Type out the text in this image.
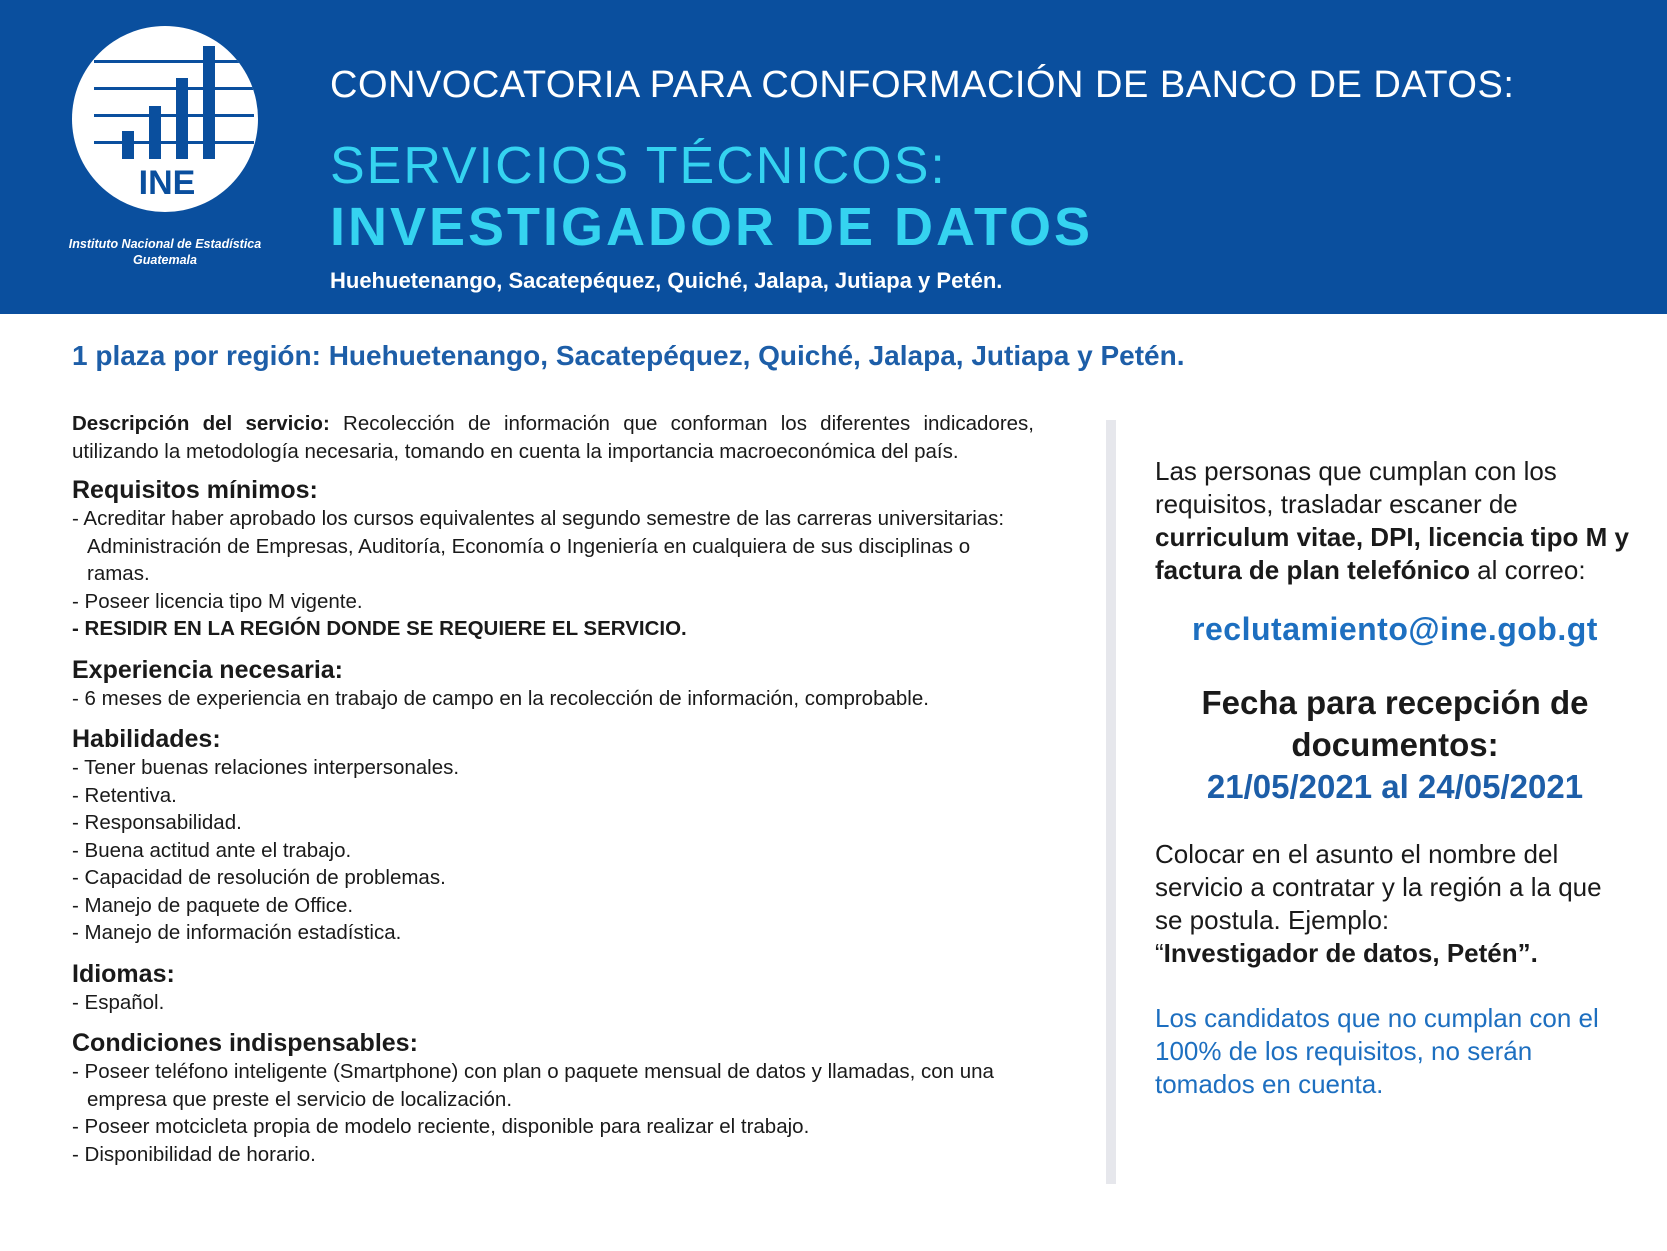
INE
Instituto Nacional de Estadística
Guatemala
CONVOCATORIA PARA CONFORMACIÓN DE BANCO DE DATOS:
SERVICIOS TÉCNICOS:
INVESTIGADOR DE DATOS
Huehuetenango, Sacatepéquez, Quiché, Jalapa, Jutiapa y Petén.
1 plaza por región: Huehuetenango, Sacatepéquez, Quiché, Jalapa, Jutiapa y Petén.

Descripción del servicio: Recolección de información que conforman los diferentes indicadores, utilizando la metodología necesaria, tomando en cuenta la importancia macroeconómica del país.

Requisitos mínimos:

- Acreditar haber aprobado los cursos equivalentes al segundo semestre de las carreras universitarias: Administración de Empresas, Auditoría, Economía o Ingeniería en cualquiera de sus disciplinas o ramas.

- Poseer licencia tipo M vigente.

- RESIDIR EN LA REGIÓN DONDE SE REQUIERE EL SERVICIO.

Experiencia necesaria:

- 6 meses de experiencia en trabajo de campo en la recolección de información, comprobable.

Habilidades:

- Tener buenas relaciones interpersonales.

- Retentiva.

- Responsabilidad.

- Buena actitud ante el trabajo.

- Capacidad de resolución de problemas.

- Manejo de paquete de Office.

- Manejo de información estadística.

Idiomas:

- Español.

Condiciones indispensables:

- Poseer teléfono inteligente (Smartphone) con plan o paquete mensual de datos y llamadas, con una empresa que preste el servicio de localización.

- Poseer motcicleta propia de modelo reciente, disponible para realizar el trabajo.

- Disponibilidad de horario.

Las personas que cumplan con los requisitos, trasladar escaner de curriculum vitae, DPI, licencia tipo M y factura de plan telefónico al correo:

reclutamiento@ine.gob.gt

Fecha para recepción de documentos:

21/05/2021 al 24/05/2021

Colocar en el asunto el nombre del servicio a contratar y la región a la que se postula. Ejemplo:
“Investigador de datos, Petén”.

Los candidatos que no cumplan con el 100% de los requisitos, no serán tomados en cuenta.
